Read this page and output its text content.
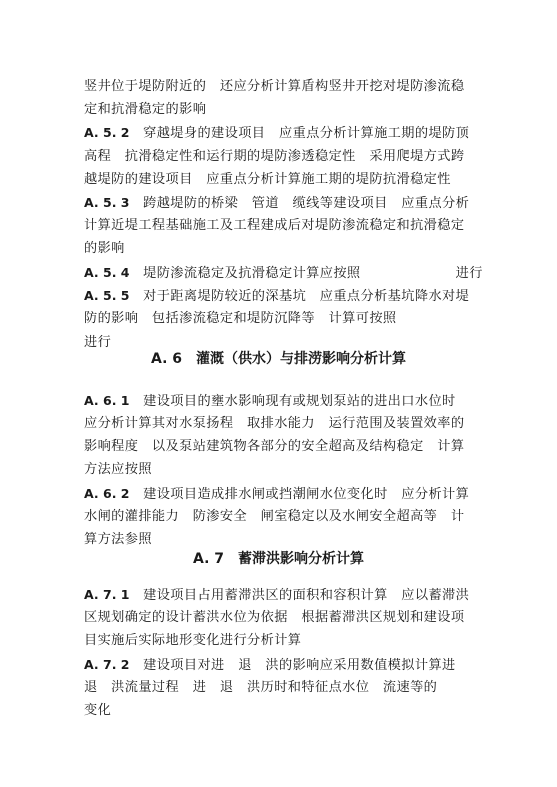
竖井位于堤防附近的　还应分析计算盾构竖井开挖对堤防渗流稳
定和抗滑稳定的影响
A. 5. 2　 穿越堤身的建设项目　应重点分析计算施工期的堤防顶
高程　抗滑稳定性和运行期的堤防渗透稳定性　采用爬堤方式跨
越堤防的建设项目　应重点分析计算施工期的堤防抗滑稳定性
A. 5. 3　 跨越堤防的桥梁　管道　缆线等建设项目　应重点分析
计算近堤工程基础施工及工程建成后对堤防渗流稳定和抗滑稳定
的影响
A. 5. 4　 堤防渗流稳定及抗滑稳定计算应按照　　　　　　　进行
A. 5. 5　 对于距离堤防较近的深基坑　应重点分析基坑降水对堤
防的影响　包括渗流稳定和堤防沉降等　计算可按照
进行
A. 6　灌溉（供水）与排涝影响分析计算
A. 6. 1　 建设项目的壅水影响现有或规划泵站的进出口水位时
应分析计算其对水泵扬程　取排水能力　运行范围及装置效率的
影响程度　以及泵站建筑物各部分的安全超高及结构稳定　计算
方法应按照
A. 6. 2　 建设项目造成排水闸或挡潮闸水位变化时　应分析计算
水闸的灌排能力　防渗安全　闸室稳定以及水闸安全超高等　计
算方法参照
A. 7　蓄滞洪影响分析计算
A. 7. 1　 建设项目占用蓄滞洪区的面积和容积计算　应以蓄滞洪
区规划确定的设计蓄洪水位为依据　根据蓄滞洪区规划和建设项
目实施后实际地形变化进行分析计算
A. 7. 2　 建设项目对进　退　洪的影响应采用数值模拟计算进
退　洪流量过程　进　退　洪历时和特征点水位　流速等的
变化
